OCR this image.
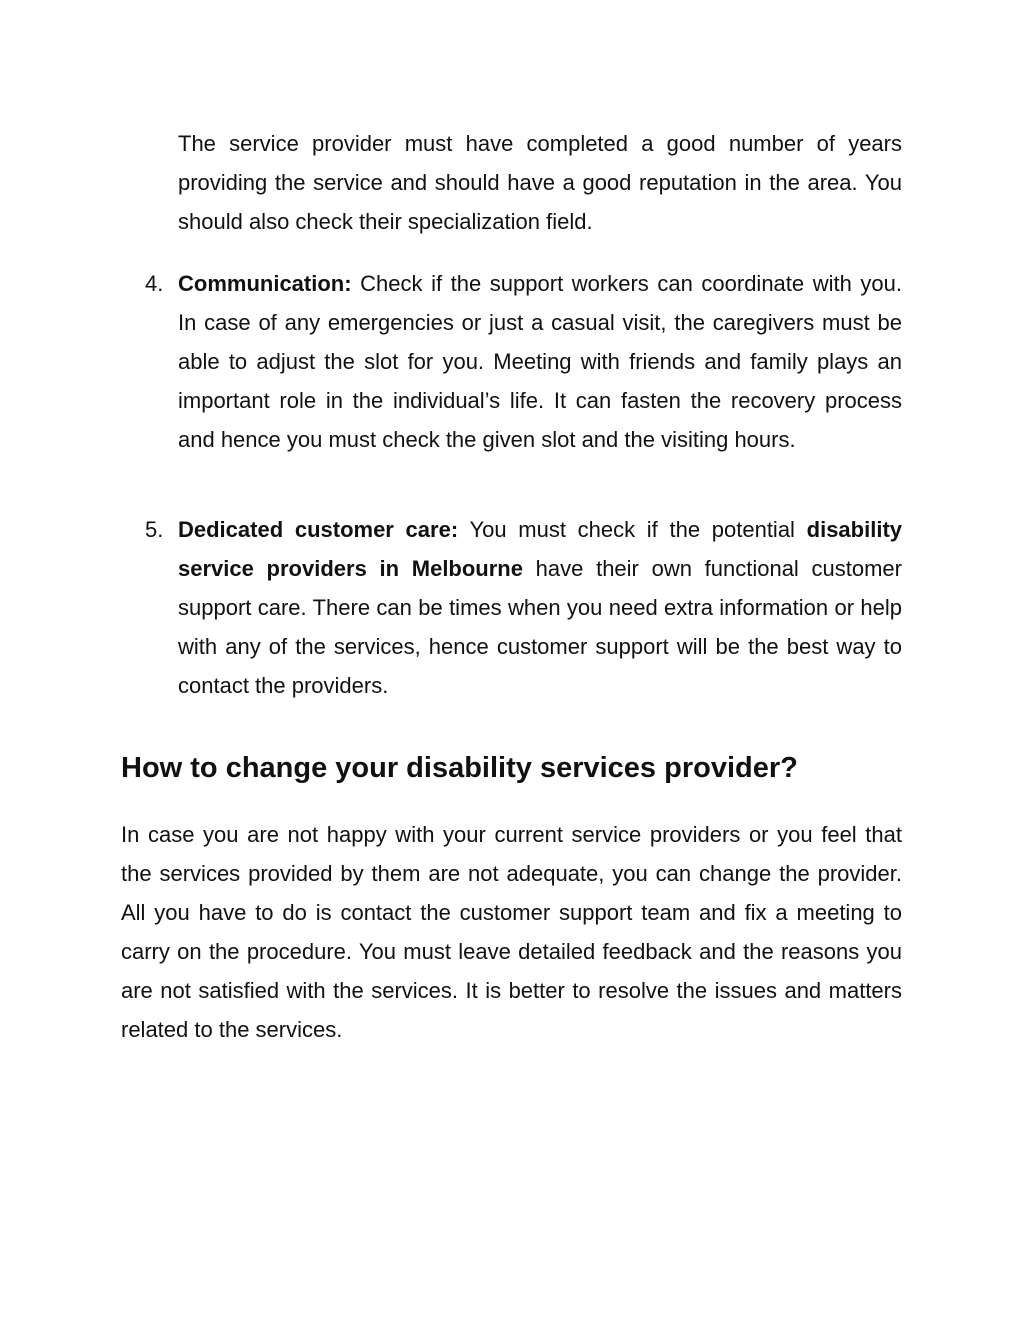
The service provider must have completed a good number of years providing the service and should have a good reputation in the area. You should also check their specialization field.

4. Communication: Check if the support workers can coordinate with you. In case of any emergencies or just a casual visit, the caregivers must be able to adjust the slot for you. Meeting with friends and family plays an important role in the individual’s life. It can fasten the recovery process and hence you must check the given slot and the visiting hours.
5. Dedicated customer care: You must check if the potential disability service providers in Melbourne have their own functional customer support care. There can be times when you need extra information or help with any of the services, hence customer support will be the best way to contact the providers.
How to change your disability services provider?

In case you are not happy with your current service providers or you feel that the services provided by them are not adequate, you can change the provider. All you have to do is contact the customer support team and fix a meeting to carry on the procedure. You must leave detailed feedback and the reasons you are not satisfied with the services. It is better to resolve the issues and matters related to the services.
